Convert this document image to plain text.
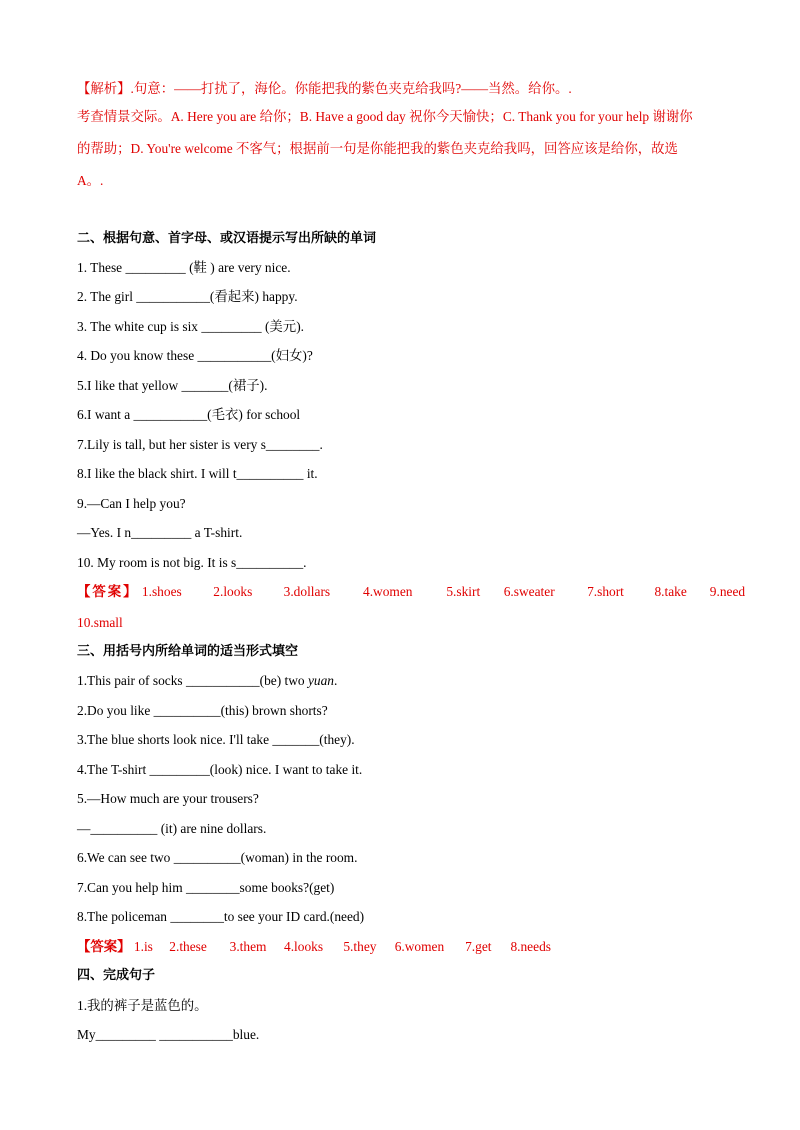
【解析】.句意：——打扰了，海伦。你能把我的紫色夹克给我吗?——当然。给你。.
考查情景交际。A. Here you are 给你；B. Have a good day 祝你今天愉快；C. Thank you for your help 谢谢你
的帮助；D. You're welcome 不客气；根据前一句是你能把我的紫色夹克给我吗，回答应该是给你，故选
A。.
二、根据句意、首字母、或汉语提示写出所缺的单词
1. These _________ (鞋 ) are very nice.
2. The girl ___________(看起来) happy.
3. The white cup is six _________ (美元).
4. Do you know these ___________(妇女)?
5.I like that yellow _______(裙子).
6.I want a ___________(毛衣) for school
7.Lily is tall, but her sister is very s________.
8.I like the black shirt. I will t__________ it.
9.—Can I help you?
—Yes. I n_________ a T-shirt.
10. My room is not big. It is s__________.
【答案】 1.shoes 2.looks 3.dollars 4.women	5.skirt 6.sweater 7.short 8.take 9.need
10.small
三、用括号内所给单词的适当形式填空
1.This pair of socks ___________(be) two yuan.
2.Do you like __________(this) brown shorts?
3.The blue shorts look nice. I'll take _______(they).
4.The T-shirt _________(look) nice. I want to take it.
5.—How much are your trousers?
—__________ (it) are nine dollars.
6.We can see two __________(woman) in the room.
7.Can you help him ________some books?(get)
8.The policeman ________to see your ID card.(need)
【答案】 1.is 2.these 3.them 4.looks 5.they 6.women 7.get 8.needs
四、完成句子
1.我的裤子是蓝色的。
My_________ ___________blue.
